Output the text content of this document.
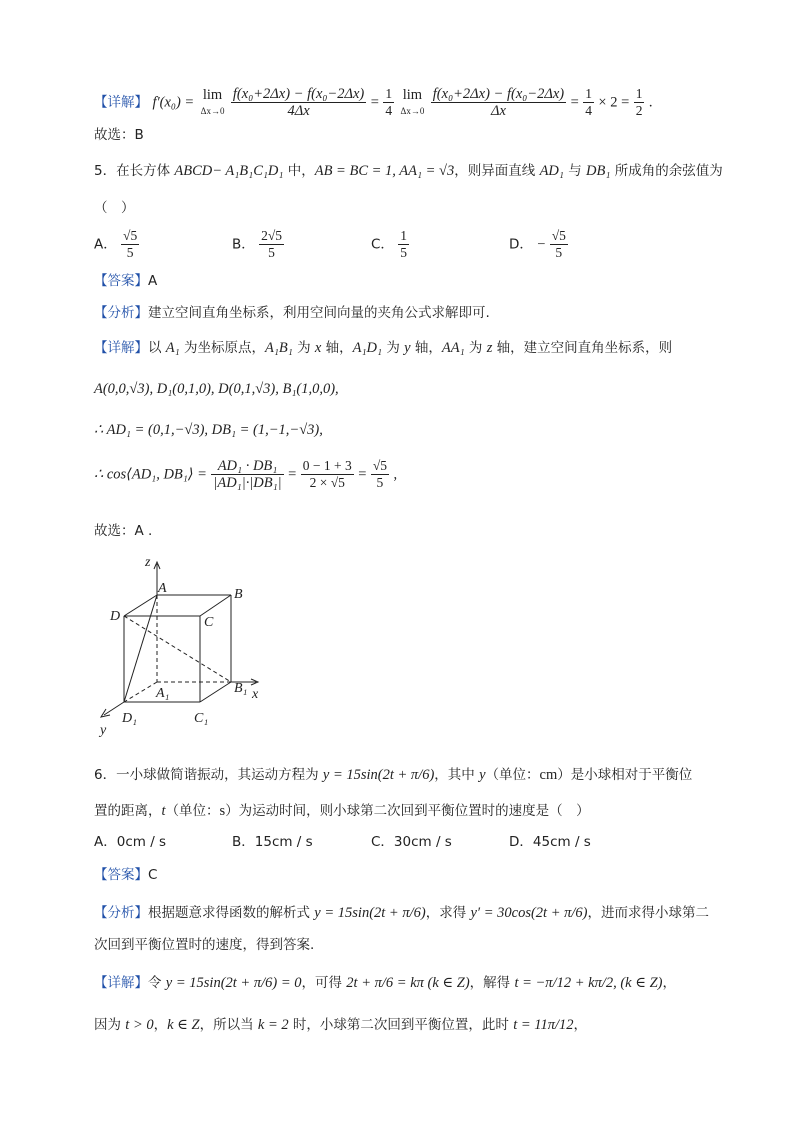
【详解】 f′(x₀) = lim
Δx→0
$\frac{\text{f(x₀+2Δx) − f(x₀−2Δx)}}{4\Delta x} = \frac{1}{4}$
lim
Δx→0
$\frac{\text{f(x₀+2Δx) − f(x₀−2Δx)}}{\Delta x} = \frac{1}{4} \times 2 = \frac{1}{2}$ .
故选：B
5．在长方体 ABCD− A₁B₁C₁D₁ 中，AB = BC = 1, AA₁ = √3，则异面直线 AD₁ 与 DB₁ 所成角的余弦值为
（　）
A． $\frac{√5}{5}$	B． $\frac{2√5}{5}$	C． $\frac{1}{5}$	D． − $\frac{√5}{5}$
【答案】A
【分析】建立空间直角坐标系，利用空间向量的夹角公式求解即可.
【详解】以 A₁ 为坐标原点，A₁B₁ 为 x 轴，A₁D₁ 为 y 轴，AA₁ 为 z 轴，建立空间直角坐标系，则
A(0,0,√3), D₁(0,1,0), D(0,1,√3), B₁(1,0,0),
∴ AD₁ = (0,1,−√3), DB₁ = (1,−1,−√3),
∴ cos⟨AD₁, DB₁⟩ = $\frac{\text{AD₁ · DB₁}}{\text{|AD₁|·|DB₁|}} = \frac{0 - 1 + 3}{2 \times √5} = \frac{√5}{5}$ ,
故选：A .
z
A	B
C
D
A₁	B₁
C₁
D₁
x
y
6．一小球做简谐振动，其运动方程为 y = 15sin(2t + π/6)，其中 y（单位：cm）是小球相对于平衡位
置的距离，t（单位：s）为运动时间，则小球第二次回到平衡位置时的速度是（　）
A．0cm / s	B．15cm / s	C．30cm / s	D．45cm / s
【答案】C
【分析】根据题意求得函数的解析式 y = 15sin(2t + π/6)，求得 y′ = 30cos(2t + π/6)，进而求得小球第二
次回到平衡位置时的速度，得到答案.
【详解】令 y = 15sin(2t + π/6) = 0，可得 2t + π/6 = kπ (k ∈ Z)，解得 t = −π/12 + kπ/2, (k ∈ Z)，
因为 t > 0，k ∈ Z，所以当 k = 2 时，小球第二次回到平衡位置，此时 t = 11π/12，
